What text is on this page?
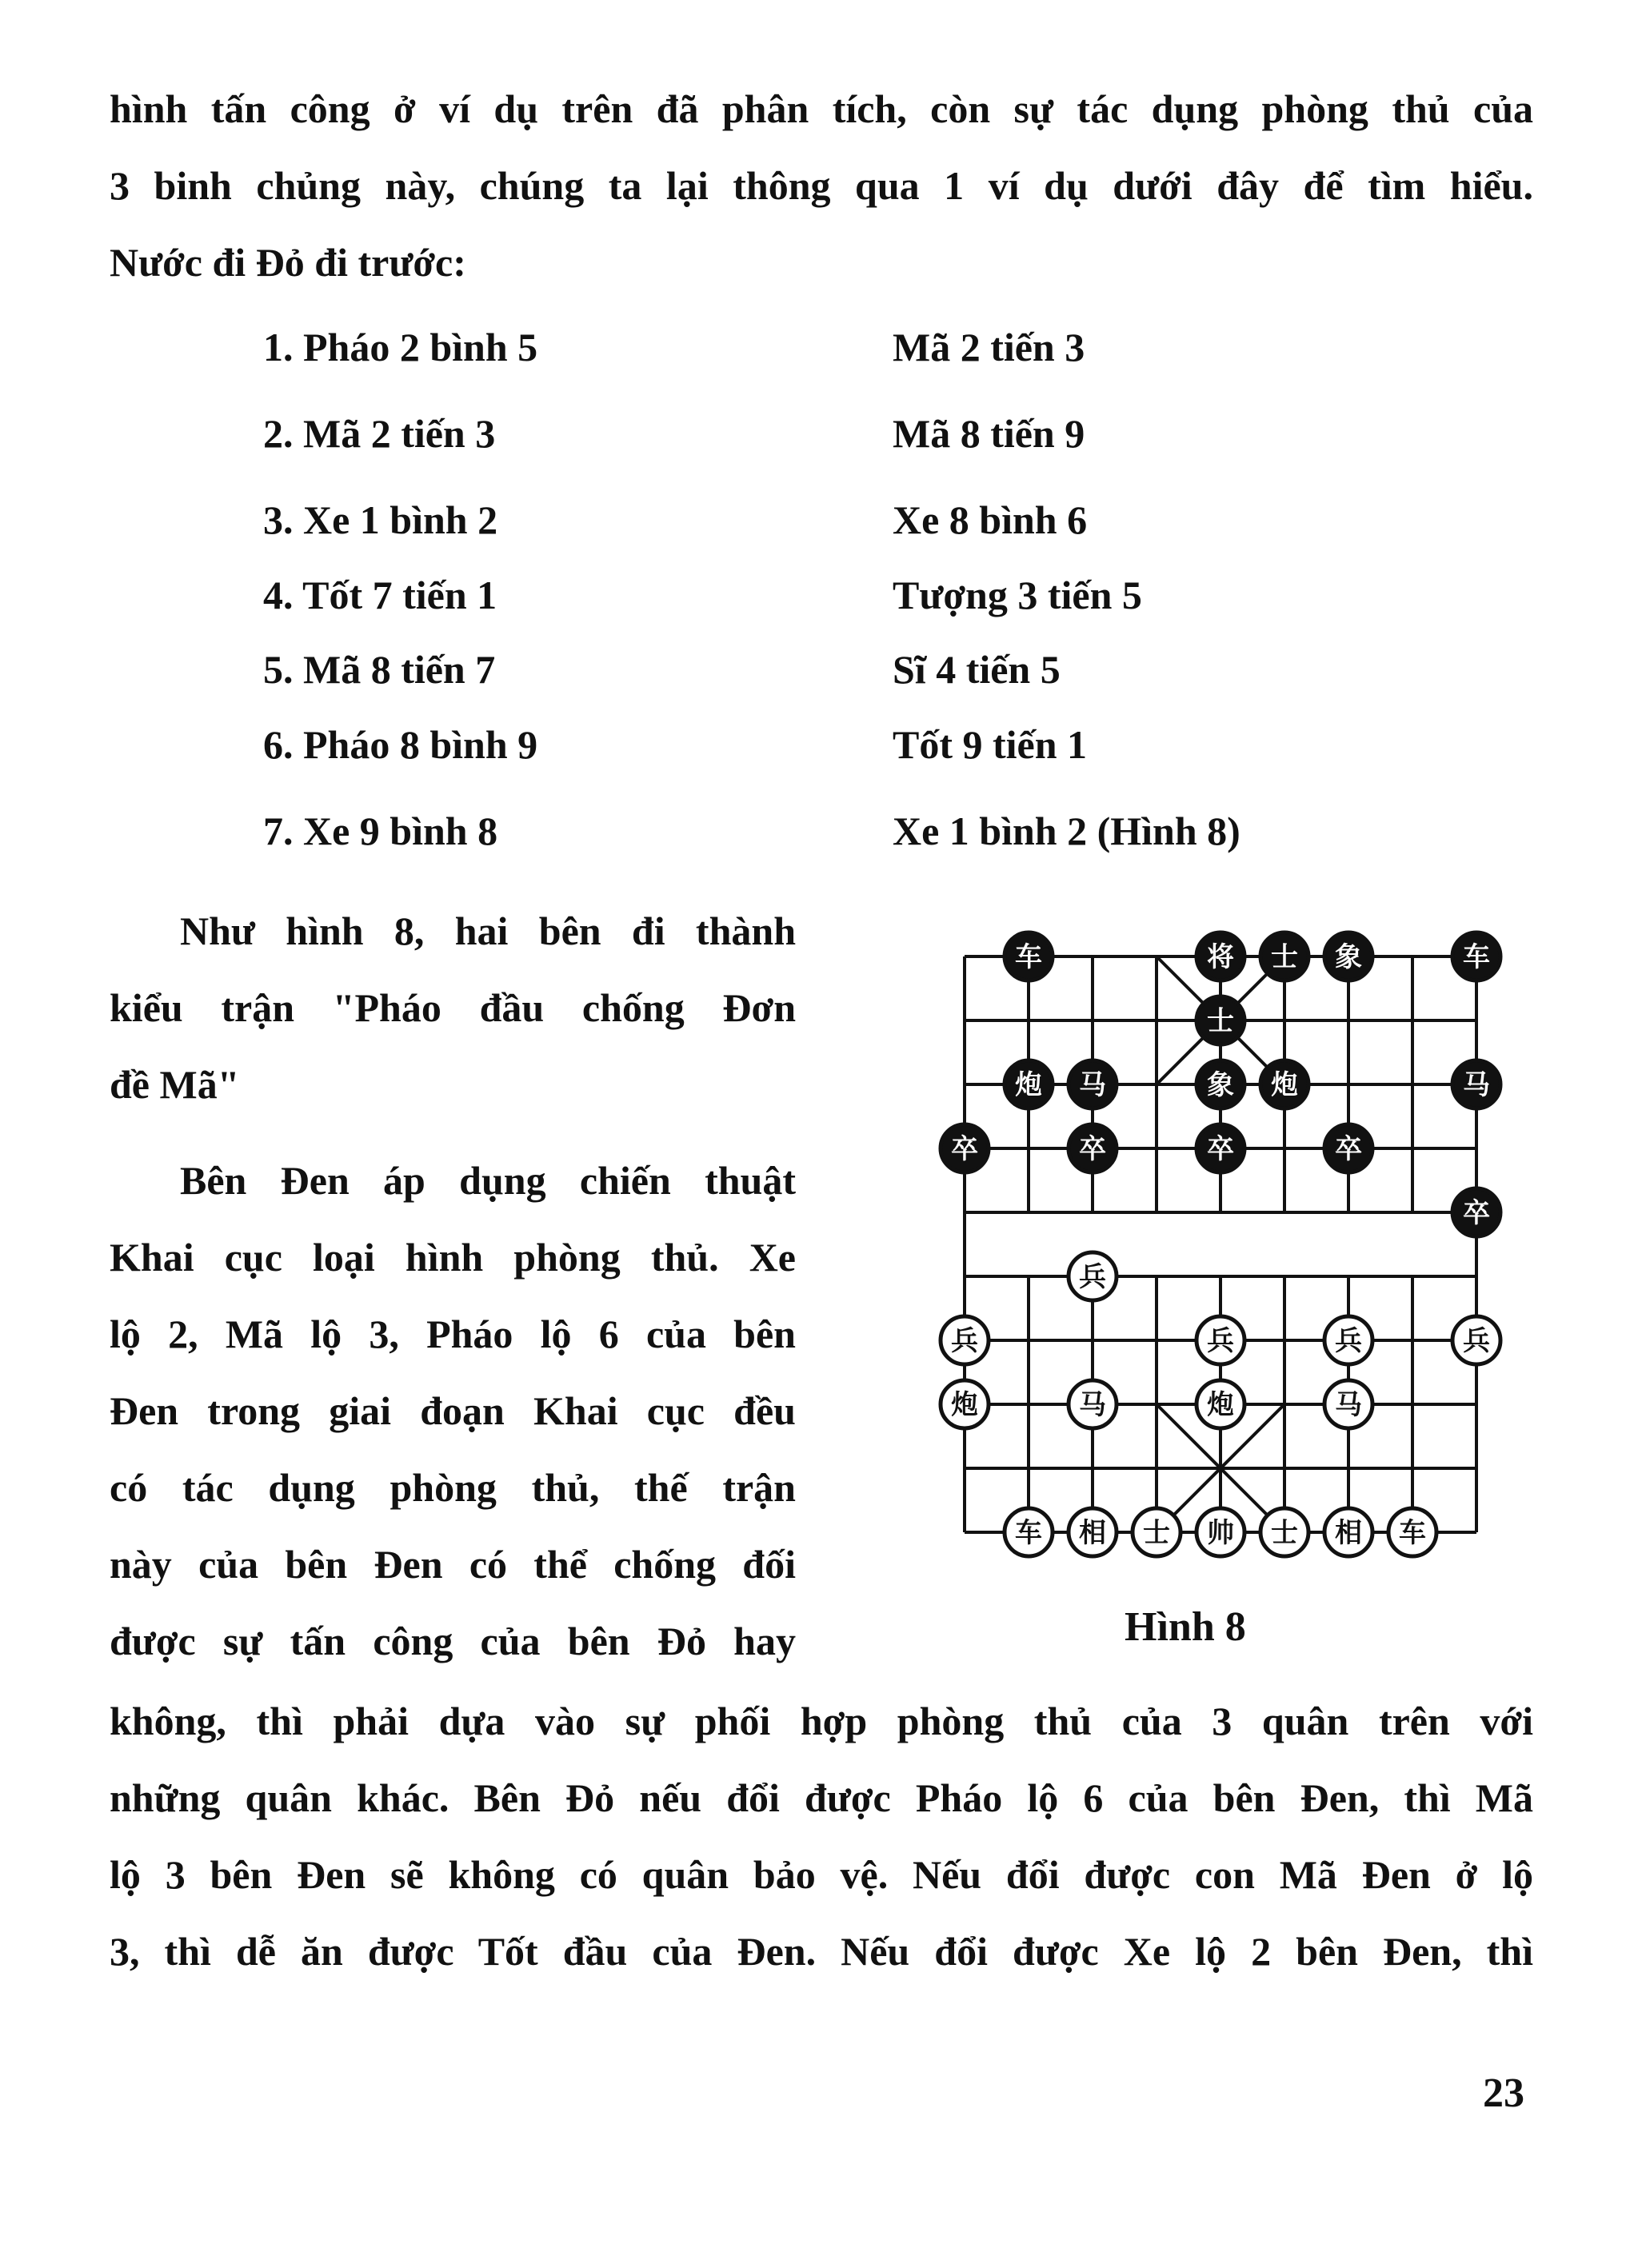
hình tấn công ở ví dụ trên đã phân tích, còn sự tác dụng phòng thủ của
3 binh chủng này, chúng ta lại thông qua 1 ví dụ dưới đây để tìm hiểu.
Nước đi Đỏ đi trước:
1. Pháo 2 bình 5	Mã 2 tiến 3
2. Mã 2 tiến 3	Mã 8 tiến 9
3. Xe 1 bình 2	Xe 8 bình 6
4. Tốt 7 tiến 1	Tượng 3 tiến 5
5. Mã 8 tiến 7	Sĩ 4 tiến 5
6. Pháo 8 bình 9	Tốt 9 tiến 1
7. Xe 9 bình 8	Xe 1 bình 2 (Hình 8)
Như hình 8, hai bên đi thành
kiểu trận "Pháo đầu chống Đơn
đề Mã"
Bên Đen áp dụng chiến thuật
Khai cục loại hình phòng thủ. Xe
lộ 2, Mã lộ 3, Pháo lộ 6 của bên
Đen trong giai đoạn Khai cục đều
có tác dụng phòng thủ, thế trận
này của bên Đen có thể chống đối
được sự tấn công của bên Đỏ hay
车	将 士 象	车
士
炮 马	象 炮	马
卒	卒	卒	卒
卒
兵
兵	兵	兵	兵
炮	马	炮	马
车 相 士 帅 士 相 车
Hình 8
không, thì phải dựa vào sự phối hợp phòng thủ của 3 quân trên với
những quân khác. Bên Đỏ nếu đổi được Pháo lộ 6 của bên Đen, thì Mã
lộ 3 bên Đen sẽ không có quân bảo vệ. Nếu đổi được con Mã Đen ở lộ
3, thì dễ ăn được Tốt đầu của Đen. Nếu đổi được Xe lộ 2 bên Đen, thì
23
